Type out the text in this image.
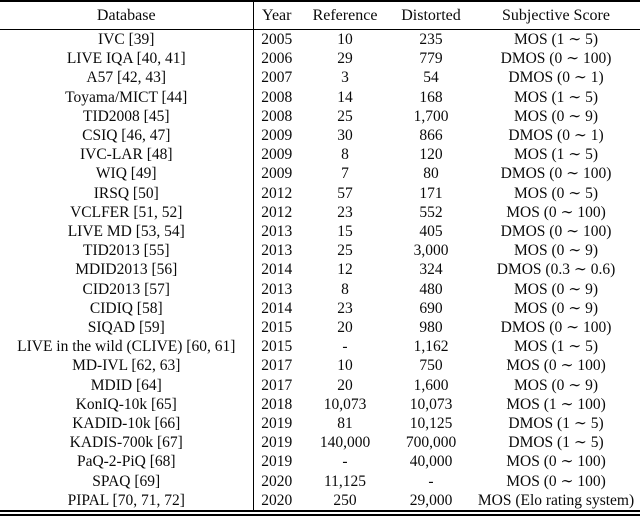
Database	Year	Reference	Distorted	Subjective Score
IVC [39]	2005	10	235	MOS (1 ∼ 5)
LIVE IQA [40, 41]	2006	29	779	DMOS (0 ∼ 100)
A57 [42, 43]	2007	3	54	DMOS (0 ∼ 1)
Toyama/MICT [44]	2008	14	168	MOS (1 ∼ 5)
TID2008 [45]	2008	25	1,700	MOS (0 ∼ 9)
CSIQ [46, 47]	2009	30	866	DMOS (0 ∼ 1)
IVC-LAR [48]	2009	8	120	MOS (1 ∼ 5)
WIQ [49]	2009	7	80	DMOS (0 ∼ 100)
IRSQ [50]	2012	57	171	MOS (0 ∼ 5)
VCLFER [51, 52]	2012	23	552	MOS (0 ∼ 100)
LIVE MD [53, 54]	2013	15	405	DMOS (0 ∼ 100)
TID2013 [55]	2013	25	3,000	MOS (0 ∼ 9)
MDID2013 [56]	2014	12	324	DMOS (0.3 ∼ 0.6)
CID2013 [57]	2013	8	480	MOS (0 ∼ 9)
CIDIQ [58]	2014	23	690	MOS (0 ∼ 9)
SIQAD [59]	2015	20	980	DMOS (0 ∼ 100)
LIVE in the wild (CLIVE) [60, 61]	2015	-	1,162	MOS (1 ∼ 5)
MD-IVL [62, 63]	2017	10	750	MOS (0 ∼ 100)
MDID [64]	2017	20	1,600	MOS (0 ∼ 9)
KonIQ-10k [65]	2018	10,073	10,073	MOS (1 ∼ 100)
KADID-10k [66]	2019	81	10,125	DMOS (1 ∼ 5)
KADIS-700k [67]	2019	140,000	700,000	DMOS (1 ∼ 5)
PaQ-2-PiQ [68]	2019	-	40,000	MOS (0 ∼ 100)
SPAQ [69]	2020	11,125	-	MOS (0 ∼ 100)
PIPAL [70, 71, 72]	2020	250	29,000	MOS (Elo rating system)
